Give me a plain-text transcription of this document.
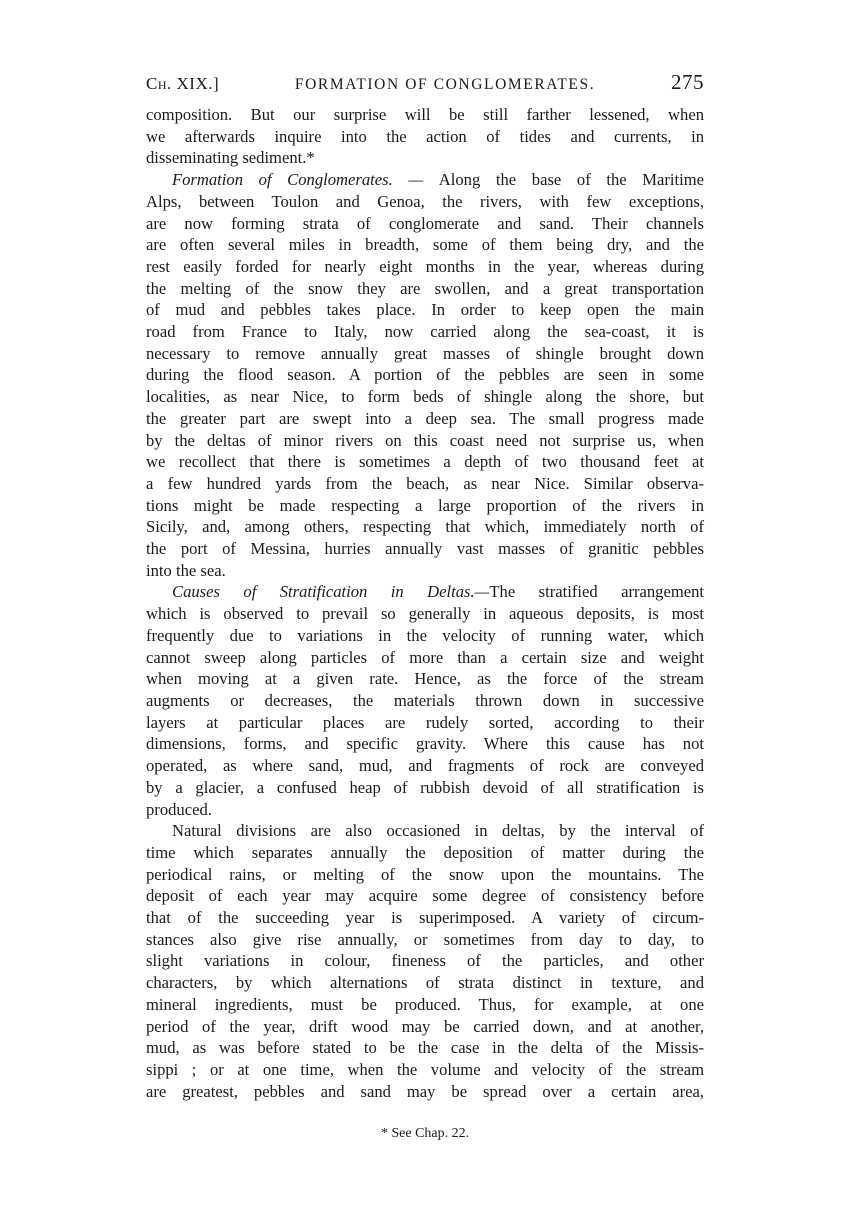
Ch. XIX.]	FORMATION OF CONGLOMERATES.	275
composition. But our surprise will be still farther lessened, when
we afterwards inquire into the action of tides and currents, in
disseminating sediment.*
Formation of Conglomerates. — Along the base of the Maritime
Alps, between Toulon and Genoa, the rivers, with few exceptions,
are now forming strata of conglomerate and sand. Their channels
are often several miles in breadth, some of them being dry, and the
rest easily forded for nearly eight months in the year, whereas during
the melting of the snow they are swollen, and a great transportation
of mud and pebbles takes place. In order to keep open the main
road from France to Italy, now carried along the sea-coast, it is
necessary to remove annually great masses of shingle brought down
during the flood season. A portion of the pebbles are seen in some
localities, as near Nice, to form beds of shingle along the shore, but
the greater part are swept into a deep sea. The small progress made
by the deltas of minor rivers on this coast need not surprise us, when
we recollect that there is sometimes a depth of two thousand feet at
a few hundred yards from the beach, as near Nice. Similar observa-
tions might be made respecting a large proportion of the rivers in
Sicily, and, among others, respecting that which, immediately north of
the port of Messina, hurries annually vast masses of granitic pebbles
into the sea.
Causes of Stratification in Deltas.—The stratified arrangement
which is observed to prevail so generally in aqueous deposits, is most
frequently due to variations in the velocity of running water, which
cannot sweep along particles of more than a certain size and weight
when moving at a given rate. Hence, as the force of the stream
augments or decreases, the materials thrown down in successive
layers at particular places are rudely sorted, according to their
dimensions, forms, and specific gravity. Where this cause has not
operated, as where sand, mud, and fragments of rock are conveyed
by a glacier, a confused heap of rubbish devoid of all stratification is
produced.
Natural divisions are also occasioned in deltas, by the interval of
time which separates annually the deposition of matter during the
periodical rains, or melting of the snow upon the mountains. The
deposit of each year may acquire some degree of consistency before
that of the succeeding year is superimposed. A variety of circum-
stances also give rise annually, or sometimes from day to day, to
slight variations in colour, fineness of the particles, and other
characters, by which alternations of strata distinct in texture, and
mineral ingredients, must be produced. Thus, for example, at one
period of the year, drift wood may be carried down, and at another,
mud, as was before stated to be the case in the delta of the Missis-
sippi ; or at one time, when the volume and velocity of the stream
are greatest, pebbles and sand may be spread over a certain area,
* See Chap. 22.
